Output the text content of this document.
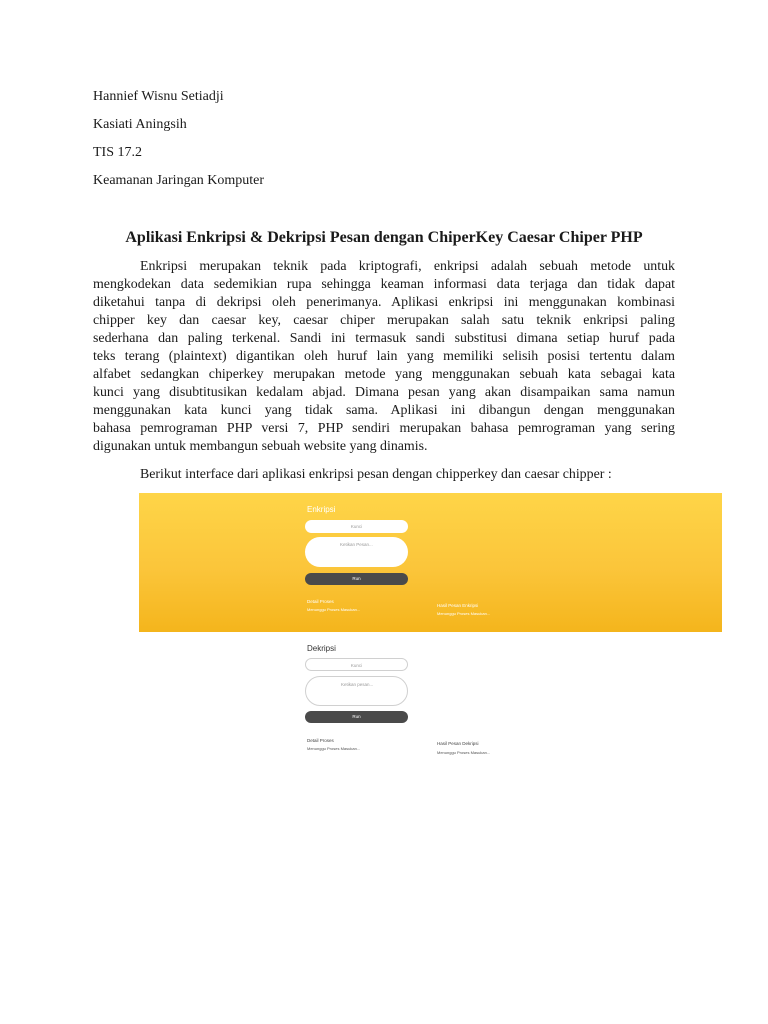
Hannief Wisnu Setiadji
Kasiati Aningsih
TIS 17.2
Keamanan Jaringan Komputer
Aplikasi Enkripsi & Dekripsi Pesan dengan ChiperKey Caesar Chiper PHP

Enkripsi merupakan teknik pada kriptografi, enkripsi adalah sebuah metode untuk
mengkodekan data sedemikian rupa sehingga keaman informasi data terjaga dan tidak dapat
diketahui tanpa di dekripsi oleh penerimanya. Aplikasi enkripsi ini menggunakan kombinasi
chipper key dan caesar key, caesar chiper merupakan salah satu teknik enkripsi paling
sederhana dan paling terkenal. Sandi ini termasuk sandi substitusi dimana setiap huruf pada
teks terang (plaintext) digantikan oleh huruf lain yang memiliki selisih posisi tertentu dalam
alfabet sedangkan chiperkey merupakan metode yang menggunakan sebuah kata sebagai kata
kunci yang disubtitusikan kedalam abjad. Dimana pesan yang akan disampaikan sama namun
menggunakan kata kunci yang tidak sama. Aplikasi ini dibangun dengan menggunakan
bahasa pemrograman PHP versi 7, PHP sendiri merupakan bahasa pemrograman yang sering
digunakan untuk membangun sebuah website yang dinamis.

Berikut interface dari aplikasi enkripsi pesan dengan chipperkey dan caesar chipper :
Enkripsi
Kunci
Ketikan Pesan...
Run
Detail Proses
Menunggu Proses Masukan...
Hasil Pesan Enkripsi
Menunggu Proses Masukan...
Dekripsi
Kunci
Ketikan pesan...
Run
Detail Proses
Menunggu Proses Masukan...
Hasil Pesan Dekripsi
Menunggu Proses Masukan...
